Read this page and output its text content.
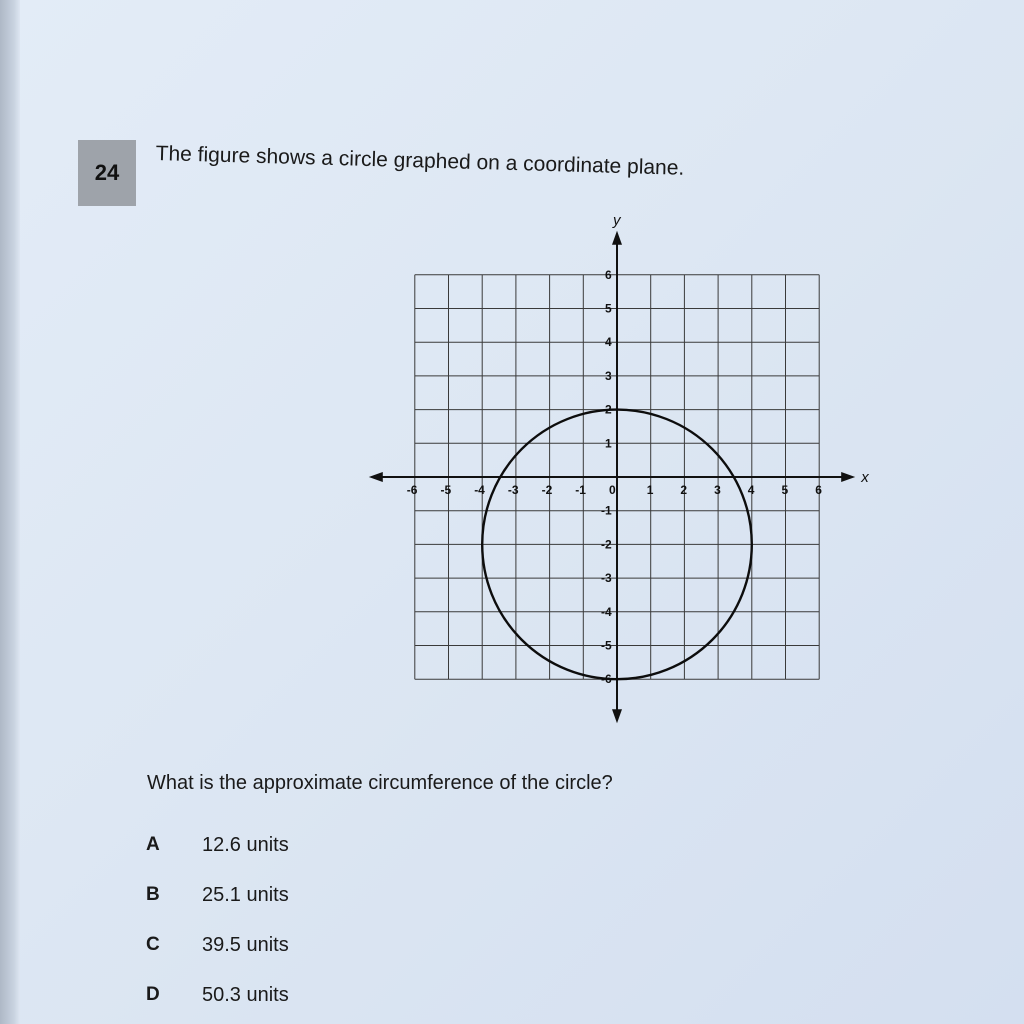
24 The figure shows a circle graphed on a coordinate plane.
x
y
-6 -5 -4 -3 -2 -1 0	1 2 3 4 5 6
6
5
4
3
2
1
-1
-2
-3
-4
-5
-6
What is the approximate circumference of the circle?
A	12.6 units
B	25.1 units
C	39.5 units
D	50.3 units
